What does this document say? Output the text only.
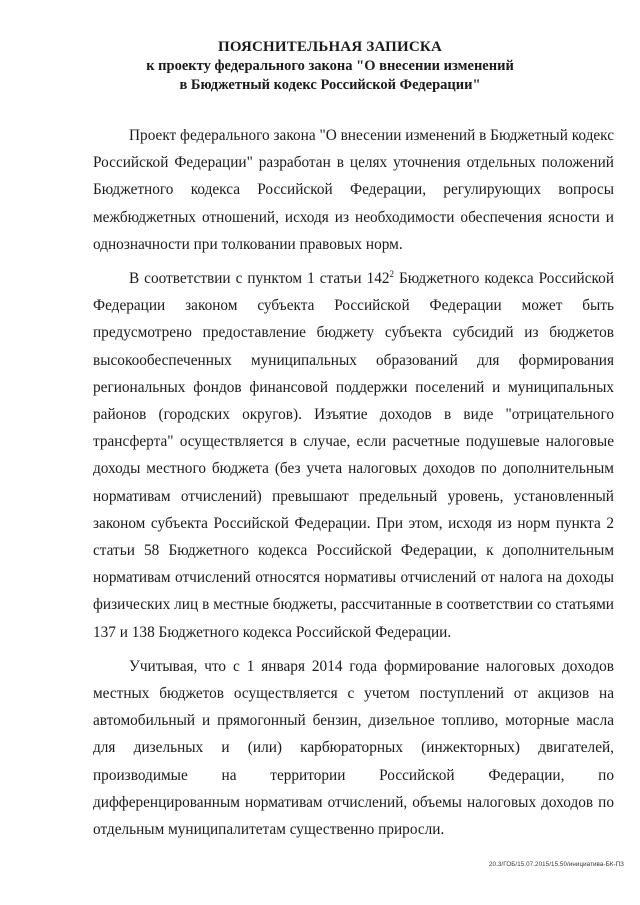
ПОЯСНИТЕЛЬНАЯ ЗАПИСКА
к проекту федерального закона "О внесении изменений
в Бюджетный кодекс Российской Федерации"

Проект федерального закона "О внесении изменений в Бюджетный кодекс Российской Федерации" разработан в целях уточнения отдельных положений Бюджетного кодекса Российской Федерации, регулирующих вопросы межбюджетных отношений, исходя из необходимости обеспечения ясности и однозначности при толковании правовых норм.

В соответствии с пунктом 1 статьи $142^2$ Бюджетного кодекса Российской Федерации законом субъекта Российской Федерации может быть предусмотрено предоставление бюджету субъекта субсидий из бюджетов высокообеспеченных муниципальных образований для формирования региональных фондов финансовой поддержки поселений и муниципальных районов (городских округов). Изъятие доходов в виде "отрицательного трансферта" осуществляется в случае, если расчетные подушевые налоговые доходы местного бюджета (без учета налоговых доходов по дополнительным нормативам отчислений) превышают предельный уровень, установленный законом субъекта Российской Федерации. При этом, исходя из норм пункта 2 статьи 58 Бюджетного кодекса Российской Федерации, к дополнительным нормативам отчислений относятся нормативы отчислений от налога на доходы физических лиц в местные бюджеты, рассчитанные в соответствии со статьями 137 и 138 Бюджетного кодекса Российской Федерации.

Учитывая, что с 1 января 2014 года формирование налоговых доходов местных бюджетов осуществляется с учетом поступлений от акцизов на автомобильный и прямогонный бензин, дизельное топливо, моторные масла для дизельных и (или) карбюраторных (инжекторных) двигателей, производимые на территории Российской Федерации, по дифференцированным нормативам отчислений, объемы налоговых доходов по отдельным муниципалитетам существенно приросли.

20.3/ГОБ/15.07.2015/15.50/инициатива-БК-ПЗ
